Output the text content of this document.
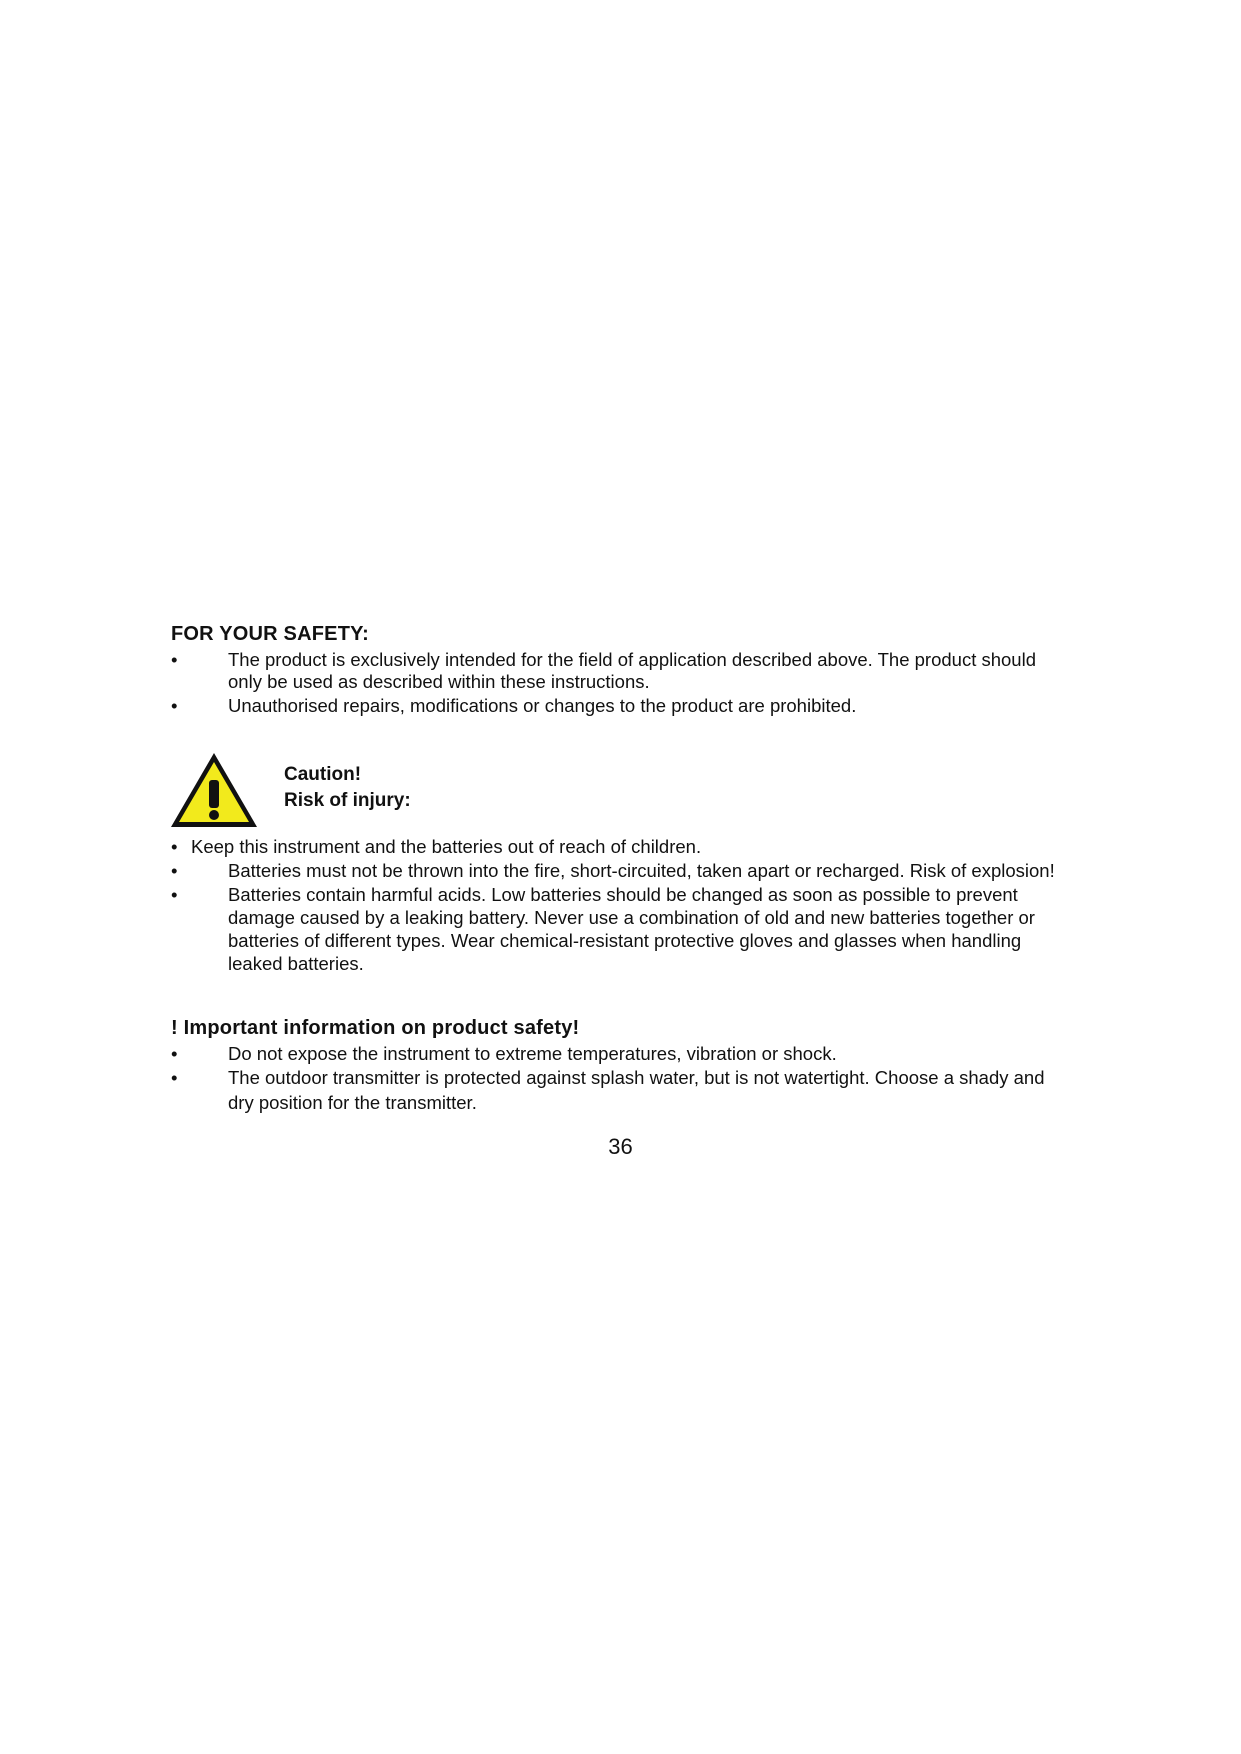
FOR YOUR SAFETY:
•	The product is exclusively intended for the field of application described above. The product should only be used as described within these instructions.
•	Unauthorised repairs, modifications or changes to the product are prohibited.
Caution!
Risk of injury:
• Keep this instrument and the batteries out of reach of children.
•	Batteries must not be thrown into the fire, short-circuited, taken apart or recharged. Risk of explosion!
•	Batteries contain harmful acids. Low batteries should be changed as soon as possible to prevent damage caused by a leaking battery. Never use a combination of old and new batteries together or batteries of different types. Wear chemical-resistant protective gloves and glasses when handling leaked batteries.
! Important information on product safety!
•	Do not expose the instrument to extreme temperatures, vibration or shock.
•	The outdoor transmitter is protected against splash water, but is not watertight. Choose a shady and dry position for the transmitter.
36
